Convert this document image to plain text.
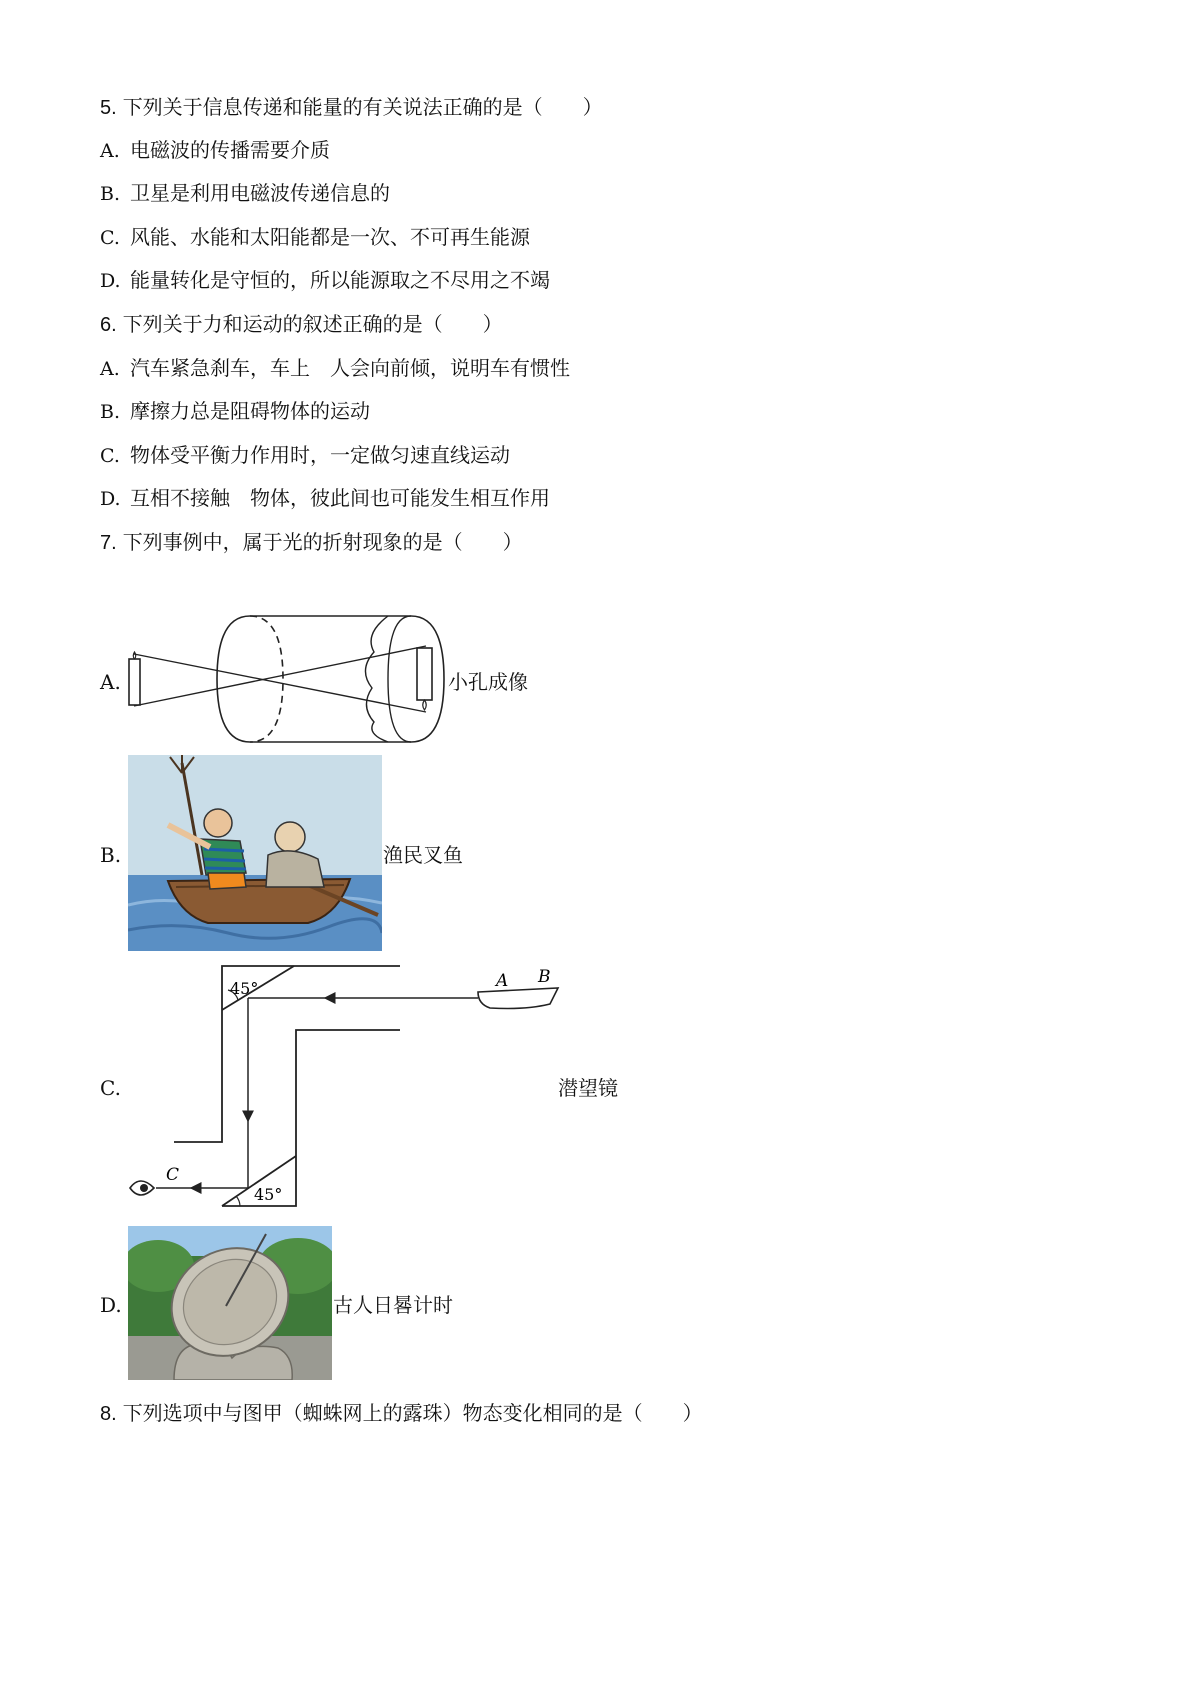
5. 下列关于信息传递和能量的有关说法正确的是（　　）
A. 电磁波的传播需要介质
B. 卫星是利用电磁波传递信息的
C. 风能、水能和太阳能都是一次、不可再生能源
D. 能量转化是守恒的，所以能源取之不尽用之不竭
6. 下列关于力和运动的叙述正确的是（　　）
A. 汽车紧急刹车，车上　人会向前倾，说明车有惯性
B. 摩擦力总是阻碍物体的运动
C. 物体受平衡力作用时，一定做匀速直线运动
D. 互相不接触　物体，彼此间也可能发生相互作用
7. 下列事例中，属于光的折射现象的是（　　）
A.	小孔成像
B.	渔民叉鱼
C.
45°
45°
A B
C
潜望镜
D.	古人日晷计时
8. 下列选项中与图甲（蜘蛛网上的露珠）物态变化相同的是（　　）
